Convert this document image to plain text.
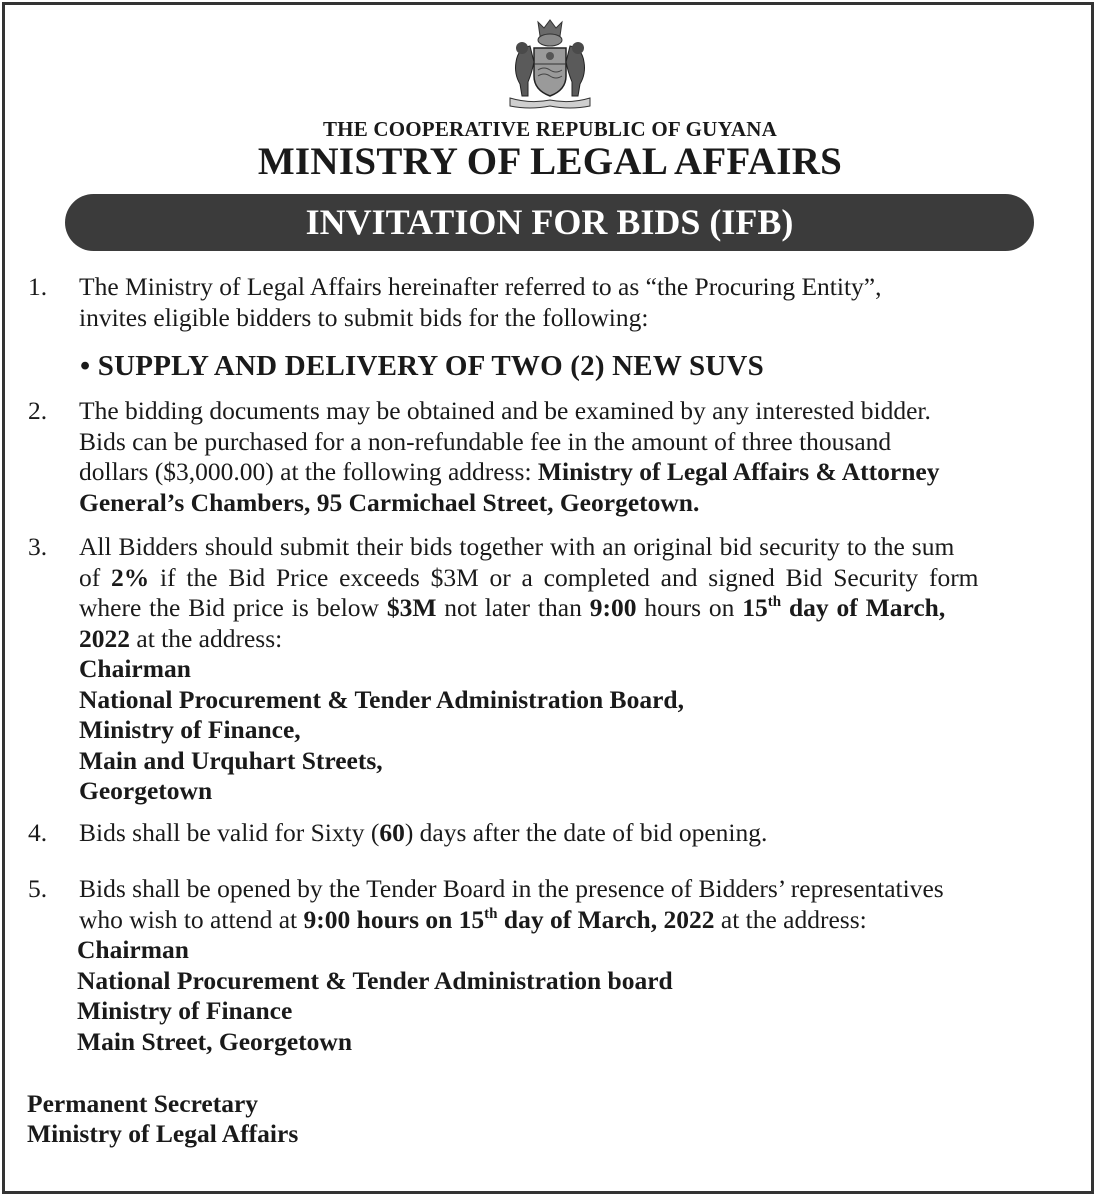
THE COOPERATIVE REPUBLIC OF GUYANA
MINISTRY OF LEGAL AFFAIRS
INVITATION FOR BIDS (IFB)
1. The Ministry of Legal Affairs hereinafter referred to as “the Procuring Entity”,
invites eligible bidders to submit bids for the following:
• SUPPLY AND DELIVERY OF TWO (2) NEW SUVS
2. The bidding documents may be obtained and be examined by any interested bidder.
Bids can be purchased for a non-refundable fee in the amount of three thousand
dollars ($3,000.00) at the following address: Ministry of Legal Affairs & Attorney
General’s Chambers, 95 Carmichael Street, Georgetown.
3. All Bidders should submit their bids together with an original bid security to the sum
of 2% if the Bid Price exceeds $3M or a completed and signed Bid Security form
where the Bid price is below $3M not later than 9:00 hours on 15th day of March,
2022 at the address:
Chairman
National Procurement & Tender Administration Board,
Ministry of Finance,
Main and Urquhart Streets,
Georgetown
4. Bids shall be valid for Sixty (60) days after the date of bid opening.
5. Bids shall be opened by the Tender Board in the presence of Bidders’ representatives
who wish to attend at 9:00 hours on 15th day of March, 2022 at the address:
Chairman
National Procurement & Tender Administration board
Ministry of Finance
Main Street, Georgetown
Permanent Secretary
Ministry of Legal Affairs
